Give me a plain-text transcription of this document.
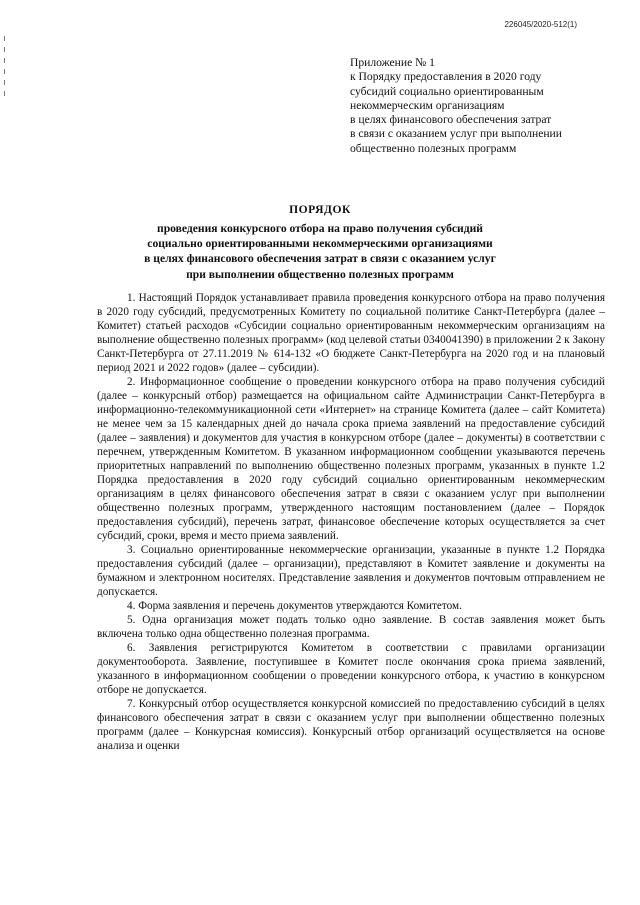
226045/2020-512(1)
Приложение № 1
к Порядку предоставления в 2020 году
субсидий социально ориентированным
некоммерческим организациям
в целях финансового обеспечения затрат
в связи с оказанием услуг при выполнении
общественно полезных программ
ПОРЯДОК
проведения конкурсного отбора на право получения субсидий
социально ориентированными некоммерческими организациями
в целях финансового обеспечения затрат в связи с оказанием услуг
при выполнении общественно полезных программ

1. Настоящий Порядок устанавливает правила проведения конкурсного отбора на право получения в 2020 году субсидий, предусмотренных Комитету по социальной политике Санкт-Петербурга (далее – Комитет) статьей расходов «Субсидии социально ориентированным некоммерческим организациям на выполнение общественно полезных программ» (код целевой статьи 0340041390) в приложении 2 к Закону Санкт-Петербурга от 27.11.2019 № 614-132 «О бюджете Санкт-Петербурга на 2020 год и на плановый период 2021 и 2022 годов» (далее – субсидии).

2. Информационное сообщение о проведении конкурсного отбора на право получения субсидий (далее – конкурсный отбор) размещается на официальном сайте Администрации Санкт-Петербурга в информационно-телекоммуникационной сети «Интернет» на странице Комитета (далее – сайт Комитета) не менее чем за 15 календарных дней до начала срока приема заявлений на предоставление субсидий (далее – заявления) и документов для участия в конкурсном отборе (далее – документы) в соответствии с перечнем, утвержденным Комитетом. В указанном информационном сообщении указываются перечень приоритетных направлений по выполнению общественно полезных программ, указанных в пункте 1.2 Порядка предоставления в 2020 году субсидий социально ориентированным некоммерческим организациям в целях финансового обеспечения затрат в связи с оказанием услуг при выполнении общественно полезных программ, утвержденного настоящим постановлением (далее – Порядок предоставления субсидий), перечень затрат, финансовое обеспечение которых осуществляется за счет субсидий, сроки, время и место приема заявлений.

3. Социально ориентированные некоммерческие организации, указанные в пункте 1.2 Порядка предоставления субсидий (далее – организации), представляют в Комитет заявление и документы на бумажном и электронном носителях. Представление заявления и документов почтовым отправлением не допускается.

4. Форма заявления и перечень документов утверждаются Комитетом.

5. Одна организация может подать только одно заявление. В состав заявления может быть включена только одна общественно полезная программа.

6. Заявления регистрируются Комитетом в соответствии с правилами организации документооборота. Заявление, поступившее в Комитет после окончания срока приема заявлений, указанного в информационном сообщении о проведении конкурсного отбора, к участию в конкурсном отборе не допускается.

7. Конкурсный отбор осуществляется конкурсной комиссией по предоставлению субсидий в целях финансового обеспечения затрат в связи с оказанием услуг при выполнении общественно полезных программ (далее – Конкурсная комиссия). Конкурсный отбор организаций осуществляется на основе анализа и оценки
